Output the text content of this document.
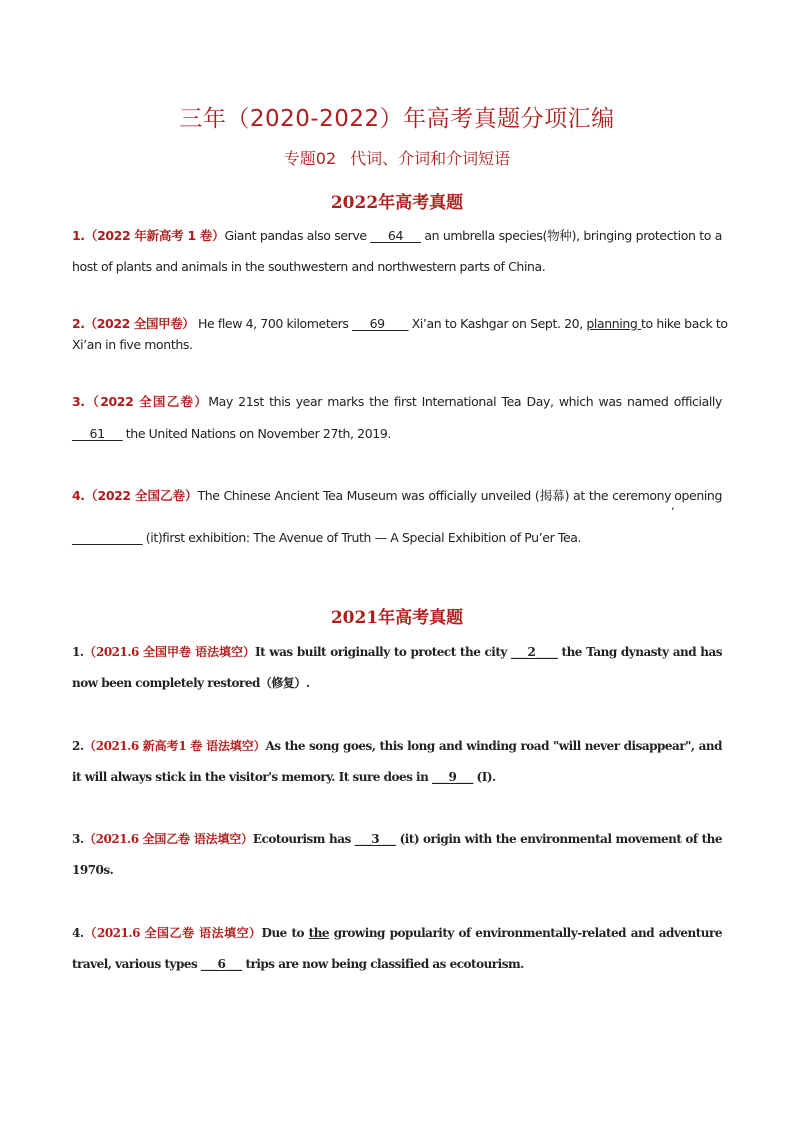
三年（2020-2022）年高考真题分项汇编
专题02 代词、介词和介词短语
2022年高考真题
1.（2022 年新高考 1 卷）Giant pandas also serve ___64___ an umbrella species(物种), bringing protection to a
host of plants and animals in the southwestern and northwestern parts of China.
2.（2022 全国甲卷） He flew 4, 700 kilometers ___69____ Xi’an to Kashgar on Sept. 20, planning to hike back to
Xi’an in five months.
3.（2022 全国乙卷）May 21st this year marks the first International Tea Day, which was named officially
___61___ the United Nations on November 27th, 2019.
4.（2022 全国乙卷）The Chinese Ancient Tea Museum was officially unveiled (揭幕) at the ceremony,opening
____________ (it)first exhibition: The Avenue of Truth — A Special Exhibition of Pu’er Tea.
2021年高考真题
1.（2021.6 全国甲卷 语法填空）It was built originally to protect the city ___2____ the Tang dynasty and has
now been completely restored（修复）.
2.（2021.6 新高考1 卷 语法填空）As the song goes, this long and winding road "will never disappear", and
it will always stick in the visitor's memory. It sure does in ___9___ (I).
3.（2021.6 全国乙卷 语法填空）Ecotourism has ___3___ (it) origin with the environmental movement of the
1970s.
4.（2021.6 全国乙卷 语法填空）Due to the growing popularity of environmentally-related and adventure
travel, various types ___6___ trips are now being classified as ecotourism.
